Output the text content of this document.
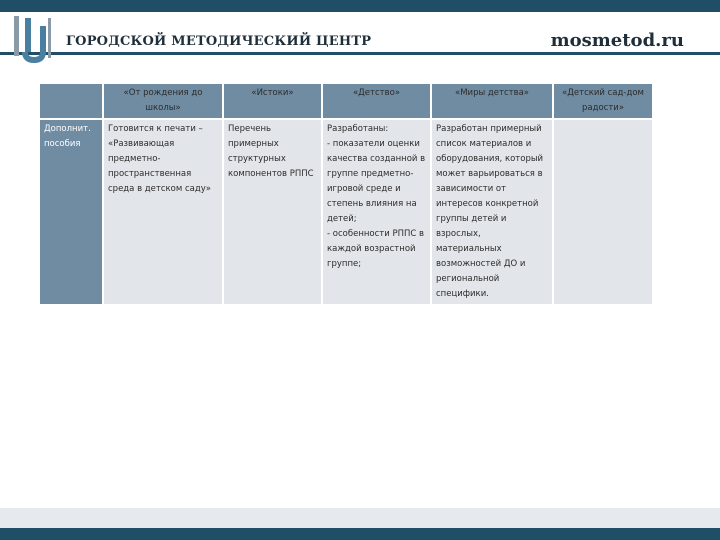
ГОРОДСКОЙ МЕТОДИЧЕСКИЙ ЦЕНТР	mosmetod.ru
	«От рождения до школы»	«Истоки»	«Детство»	«Миры детства»	«Детский сад-дом радости»
Дополнит. пособия	Готовится к печати – «Развивающая предметно-пространственная среда в детском саду»	Перечень примерных структурных компонентов РППС	Разработаны:
- показатели оценки качества созданной в группе предметно-игровой среде и степень влияния на детей;
- особенности РППС в каждой возрастной группе;	Разработан примерный список материалов и оборудования, который может варьироваться в зависимости от интересов конкретной группы детей и взрослых, материальных возможностей ДО и региональной специфики.	
